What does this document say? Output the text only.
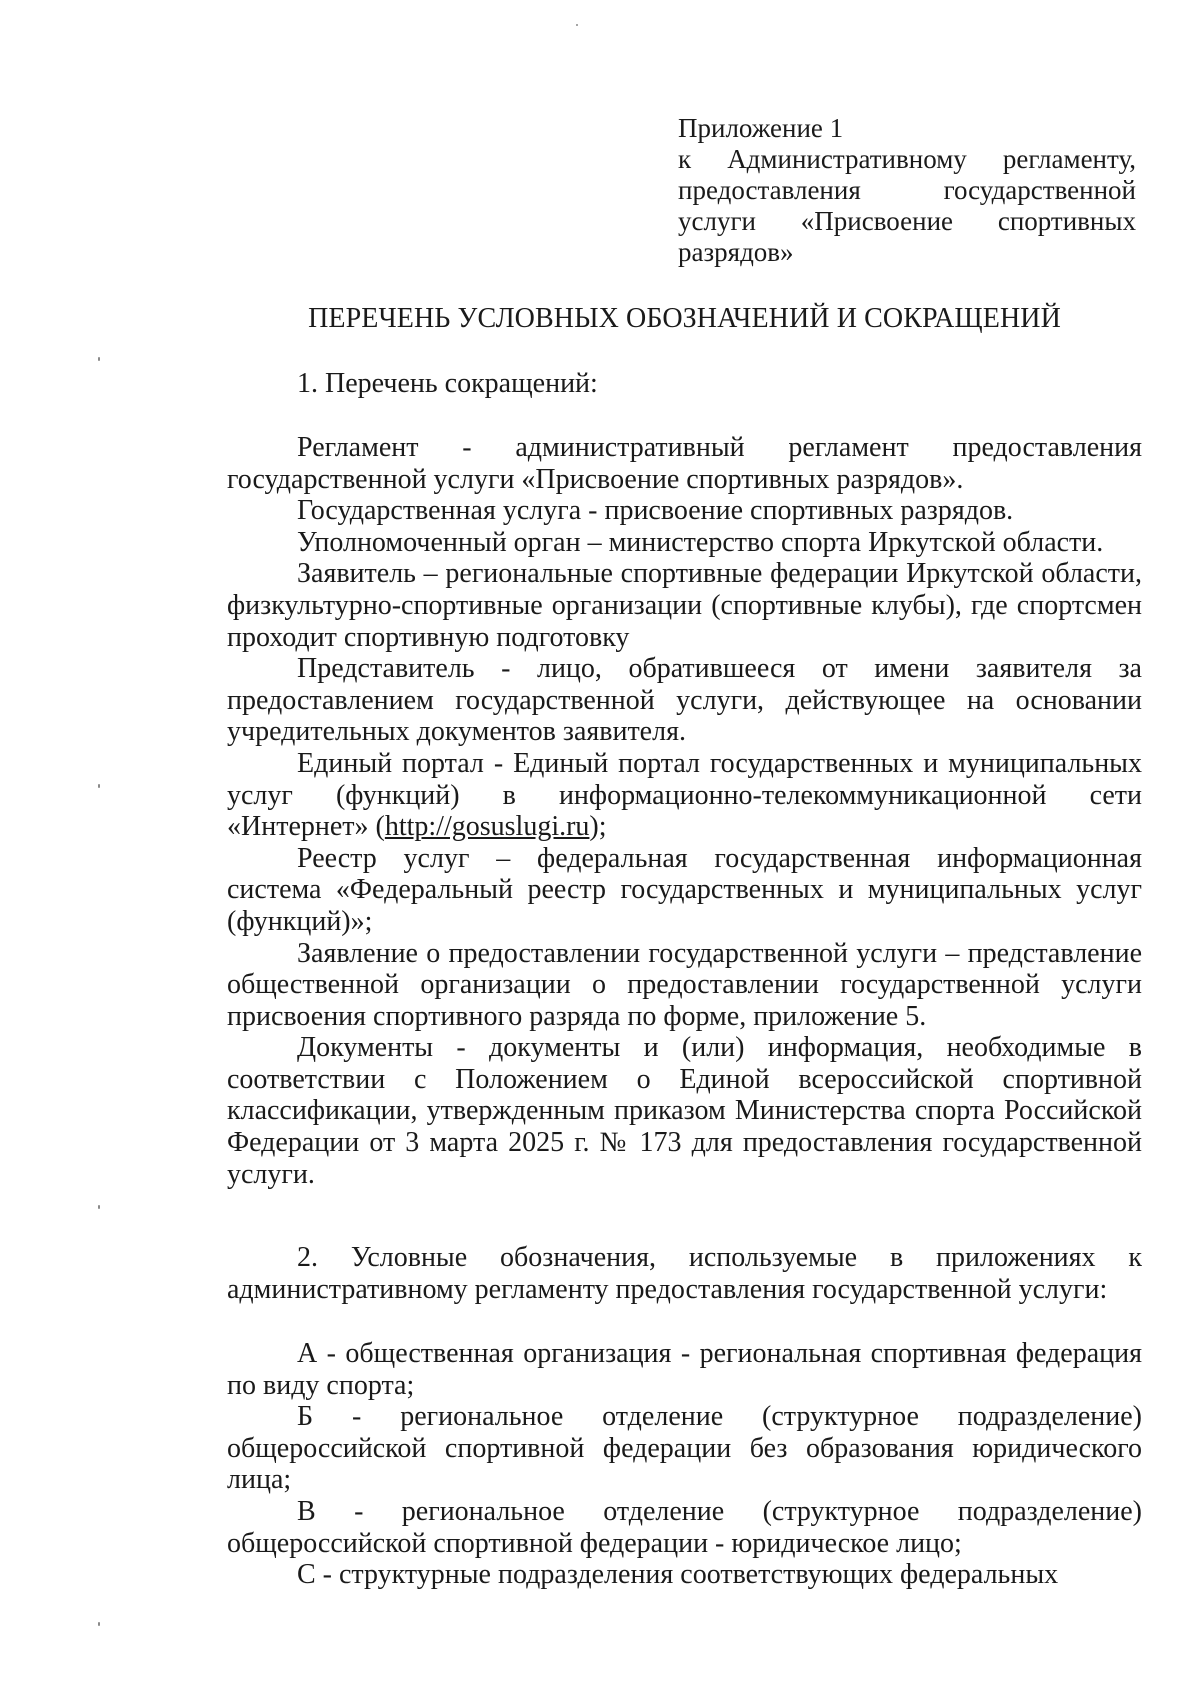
Приложение 1
к Административному регламенту,
предоставления государственной
услуги «Присвоение спортивных
разрядов»
ПЕРЕЧЕНЬ УСЛОВНЫХ ОБОЗНАЧЕНИЙ И СОКРАЩЕНИЙ

1. Перечень сокращений:

Регламент - административный регламент предоставления государственной услуги «Присвоение спортивных разрядов».

Государственная услуга - присвоение спортивных разрядов.

Уполномоченный орган – министерство спорта Иркутской области.

Заявитель – региональные спортивные федерации Иркутской области, физкультурно-спортивные организации (спортивные клубы), где спортсмен проходит спортивную подготовку

Представитель - лицо, обратившееся от имени заявителя за предоставлением государственной услуги, действующее на основании учредительных документов заявителя.

Единый портал - Единый портал государственных и муниципальных услуг (функций) в информационно-телекоммуникационной сети «Интернет» (http://gosuslugi.ru);

Реестр услуг – федеральная государственная информационная система «Федеральный реестр государственных и муниципальных услуг (функций)»;

Заявление о предоставлении государственной услуги – представление общественной организации о предоставлении государственной услуги присвоения спортивного разряда по форме, приложение 5.

Документы - документы и (или) информация, необходимые в соответствии с Положением о Единой всероссийской спортивной классификации, утвержденным приказом Министерства спорта Российской Федерации от 3 марта 2025 г. № 173 для предоставления государственной услуги.

2. Условные обозначения, используемые в приложениях к административному регламенту предоставления государственной услуги:

А - общественная организация - региональная спортивная федерация по виду спорта;

Б - региональное отделение (структурное подразделение) общероссийской спортивной федерации без образования юридического лица;

В - региональное отделение (структурное подразделение) общероссийской спортивной федерации - юридическое лицо;

С - структурные подразделения соответствующих федеральных
